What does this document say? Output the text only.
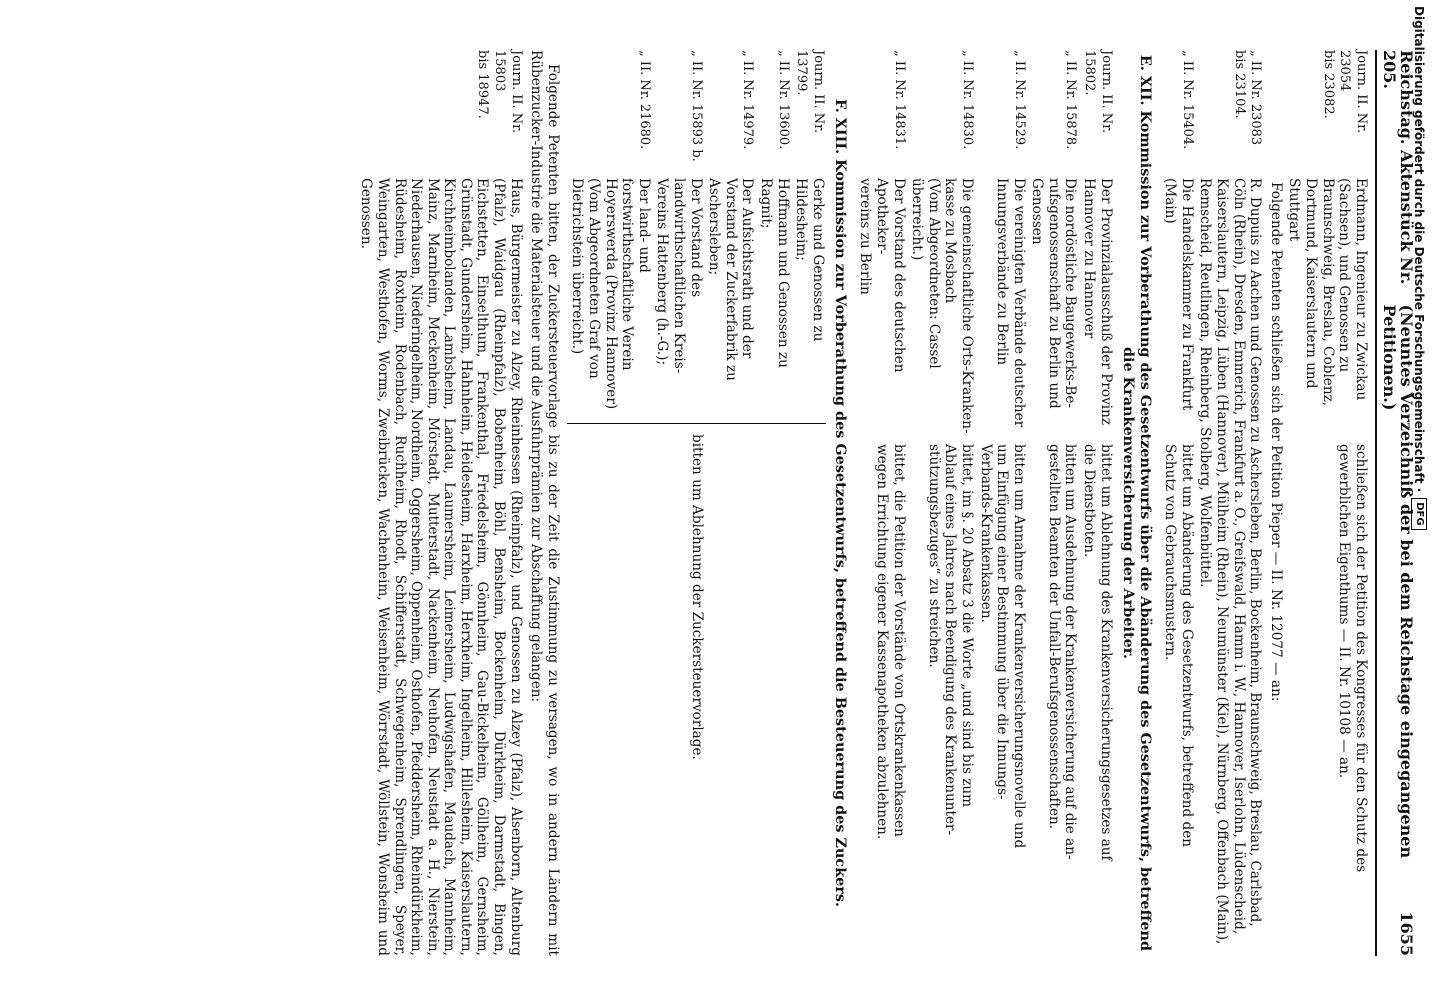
Reichstag. Aktenstück Nr. 205.
(Neuntes Verzeichniß der bei dem Reichstage eingegangenen Petitionen.)
1655
Journ. II. Nr. 23054
bis 23082.
Erdmann, Ingenieur zu Zwickau
(Sachsen), und Genossen zu
Braunschweig, Breslau, Coblenz,
Dortmund, Kaiserslautern und
Stuttgart
schließen sich der Petition des Kongresses für den Schutz des
gewerblichen Eigenthums — II. Nr. 10108 — an.
Folgende Petenten schließen sich der Petition Pieper — II. Nr. 12077 — an:
„ II. Nr. 23083
bis 23104.
R. Dupuis zu Aachen und Genossen zu Aschersleben, Berlin, Bockenheim, Braunschweig, Breslau, Carlsbad, Cöln (Rhein), Dresden, Emmerich, Frankfurt a. O., Greifswald, Hamm i. W., Hannover, Iserlohn, Lüdenscheid, Kaiserslautern, Leipzig, Lüben (Hannover), Mülheim (Rhein), Neumünster (Kiel), Nürnberg, Offenbach (Main), Remscheid, Reutlingen, Rheinberg, Stolberg, Wolfenbüttel.
„ II. Nr. 15404.
Die Handelskammer zu Frankfurt
(Main)
bittet um Abänderung des Gesetzentwurfs, betreffend den
Schutz von Gebrauchsmustern.
E. XII. Kommission zur Vorberathung des Gesetzentwurfs über die Abänderung des Gesetzentwurfs, betreffend die Krankenversicherung der Arbeiter.
Journ. II. Nr. 15802.
Der Provinzialausschuß der Provinz
Hannover zu Hannover
bittet um Ablehnung des Krankenversicherungsgesetzes auf
die Dienstboten.
„ II. Nr. 15878.
Die nordöstliche Baugewerks-Be-
rufsgenossenschaft zu Berlin und
Genossen
bitten um Ausdehnung der Krankenversicherung auf die an-
gestellten Beamten der Unfall-Berufsgenossenschaften.
„ II. Nr. 14529.
Die vereinigten Verbände deutscher
Innungsverbände zu Berlin
bitten um Annahme der Krankenversicherungsnovelle und
um Einfügung einer Bestimmung über die Innungs-
Verbands-Krankenkassen.
„ II. Nr. 14830.
Die gemeinschaftliche Orts-Kranken-
kasse zu Mosbach
(Vom Abgeordneten: Cassel
überreicht.)
bittet, im §. 20 Absatz 3 die Worte „und sind bis zum
Ablauf eines Jahres nach Beendigung des Krankenunter-
stützungsbezuges“ zu streichen.
„ II. Nr. 14831.
Der Vorstand des deutschen Apotheker-
vereins zu Berlin
bittet, die Petition der Vorstände von Ortskrankenkassen
wegen Errichtung eigener Kassenapotheken abzulehnen.
F. XIII. Kommission zur Vorberathung des Gesetzentwurfs, betreffend die Besteuerung des Zuckers.
Journ. II. Nr. 13799.
Gerke und Genossen zu Hildesheim;
„ II. Nr. 13600.
Hoffmann und Genossen zu Ragnit;
„ II. Nr. 14979.
Der Aufsichtsrath und der Vorstand der Zuckerfabrik zu Aschersleben;
„ II. Nr. 15893 b.
Der Vorstand des landwirthschaftlichen Kreis-Vereins Hattenberg (h.-G.);
„ II. Nr. 21680.
Der land- und forstwirthschaftliche Verein Hoyerswerda (Provinz Hannover)
(Vom Abgeordneten Graf von Dietrichstein überreicht.)
bitten um Ablehnung der Zuckersteuervorlage.
Folgende Petenten bitten, der Zuckersteuervorlage bis zu der Zeit die Zustimmung zu versagen, wo in andern Ländern mit Rübenzucker-Industrie die Materialsteuer und die Ausfuhrprämien zur Abschaffung gelangen:
Journ. II. Nr. 15803
bis 18947.
Haus, Bürgermeister zu Alzey, Rheinhessen (Rheinpfalz), und Genossen zu Alzey (Pfalz), Alsenborn, Altenburg (Pfalz), Waidgau (Rheinpfalz), Bobenheim, Böhl, Bensheim, Bockenheim, Dürkheim, Darmstadt, Bingen, Eichstetten, Einselthum, Frankenthal, Friedelsheim, Gönnheim, Gau-Bickelheim, Göllheim, Gernsheim, Grünstadt, Gundersheim, Hahnheim, Heidesheim, Harxheim, Herxheim, Ingelheim, Hillesheim, Kaiserslautern, Kirchheimbolanden, Lambsheim, Landau, Laumersheim, Leimersheim, Ludwigshafen, Maudach, Mannheim, Mainz, Marnheim, Meckenheim, Mörstadt, Mutterstadt, Nackenheim, Neuhofen, Neustadt a. H., Nierstein, Niederhausen, Niederingelheim, Nordheim, Oggersheim, Oppenheim, Osthofen, Pfeddersheim, Rheindürkheim, Rüdesheim, Roxheim, Rodenbach, Ruchheim, Rhodt, Schifferstadt, Schwegenheim, Sprendlingen, Speyer, Weingarten, Westhofen, Worms, Zweibrücken, Wachenheim, Weisenheim, Wörrstadt, Wöllstein, Wonsheim und Genossen.	Digitalisierung gefördert durch die Deutsche Forschungsgemeinschaft ·
DFG
